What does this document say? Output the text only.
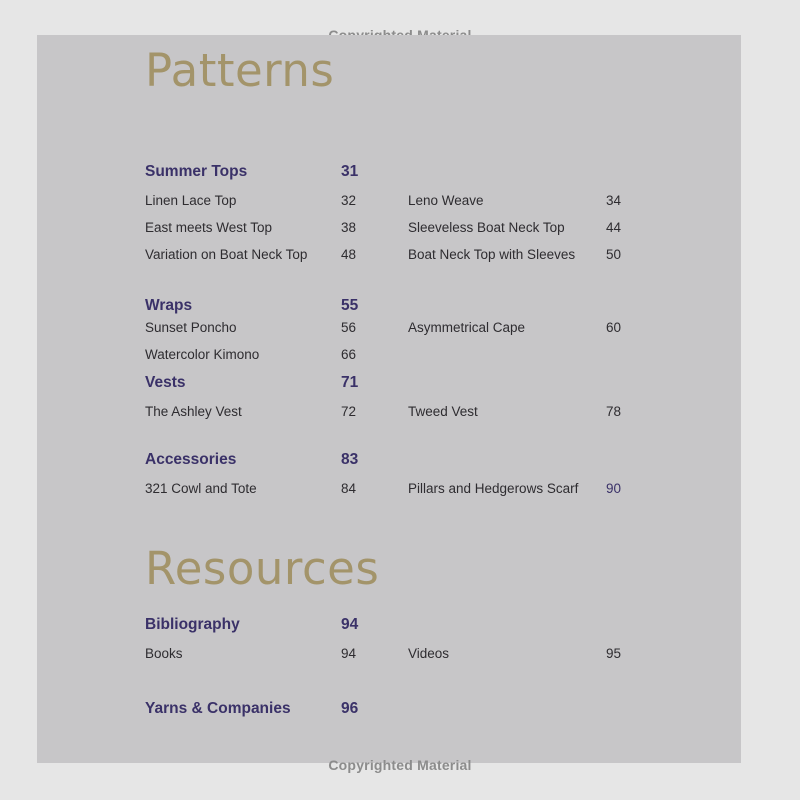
Patterns
Summer Tops	31
Linen Lace Top	32	Leno Weave	34
East meets West Top	38	Sleeveless Boat Neck Top	44
Variation on Boat Neck Top 48	Boat Neck Top with Sleeves 50
Wraps	55
Sunset Poncho	56	Asymmetrical Cape	60
Watercolor Kimono	66
Vests	71
The Ashley Vest	72	Tweed Vest	78
Accessories	83
321 Cowl and Tote	84	Pillars and Hedgerows Scarf 90
Resources
Bibliography	94
Books	94	Videos	95
Yarns & Companies	96
Copyrighted Material
